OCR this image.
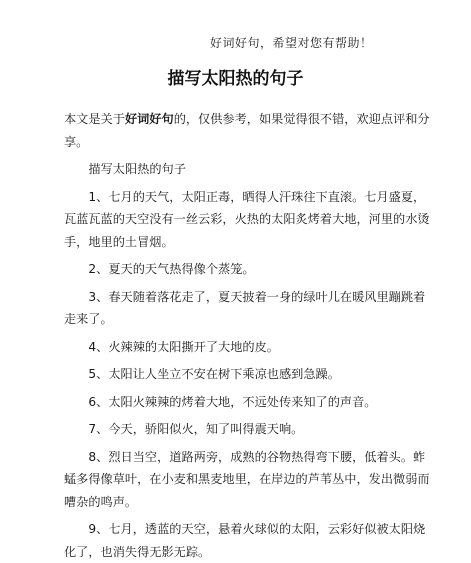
好词好句，希望对您有帮助！
描写太阳热的句子

本文是关于好词好句的，仅供参考，如果觉得很不错，欢迎点评和分享。

描写太阳热的句子

1、七月的天气，太阳正毒，晒得人汗珠往下直滚。七月盛夏，瓦蓝瓦蓝的天空没有一丝云彩，火热的太阳炙烤着大地，河里的水烫手，地里的土冒烟。

2、夏天的天气热得像个蒸笼。

3、春天随着落花走了，夏天披着一身的绿叶儿在暖风里蹦跳着走来了。

4、火辣辣的太阳撕开了大地的皮。

5、太阳让人坐立不安在树下乘凉也感到急躁。

6、太阳火辣辣的烤着大地，不远处传来知了的声音。

7、今天，骄阳似火，知了叫得震天响。

8、烈日当空，道路两旁，成熟的谷物热得弯下腰，低着头。蚱蜢多得像草叶，在小麦和黑麦地里，在岸边的芦苇丛中，发出微弱而嘈杂的鸣声。

9、七月，透蓝的天空，悬着火球似的太阳，云彩好似被太阳烧化了，也消失得无影无踪。
